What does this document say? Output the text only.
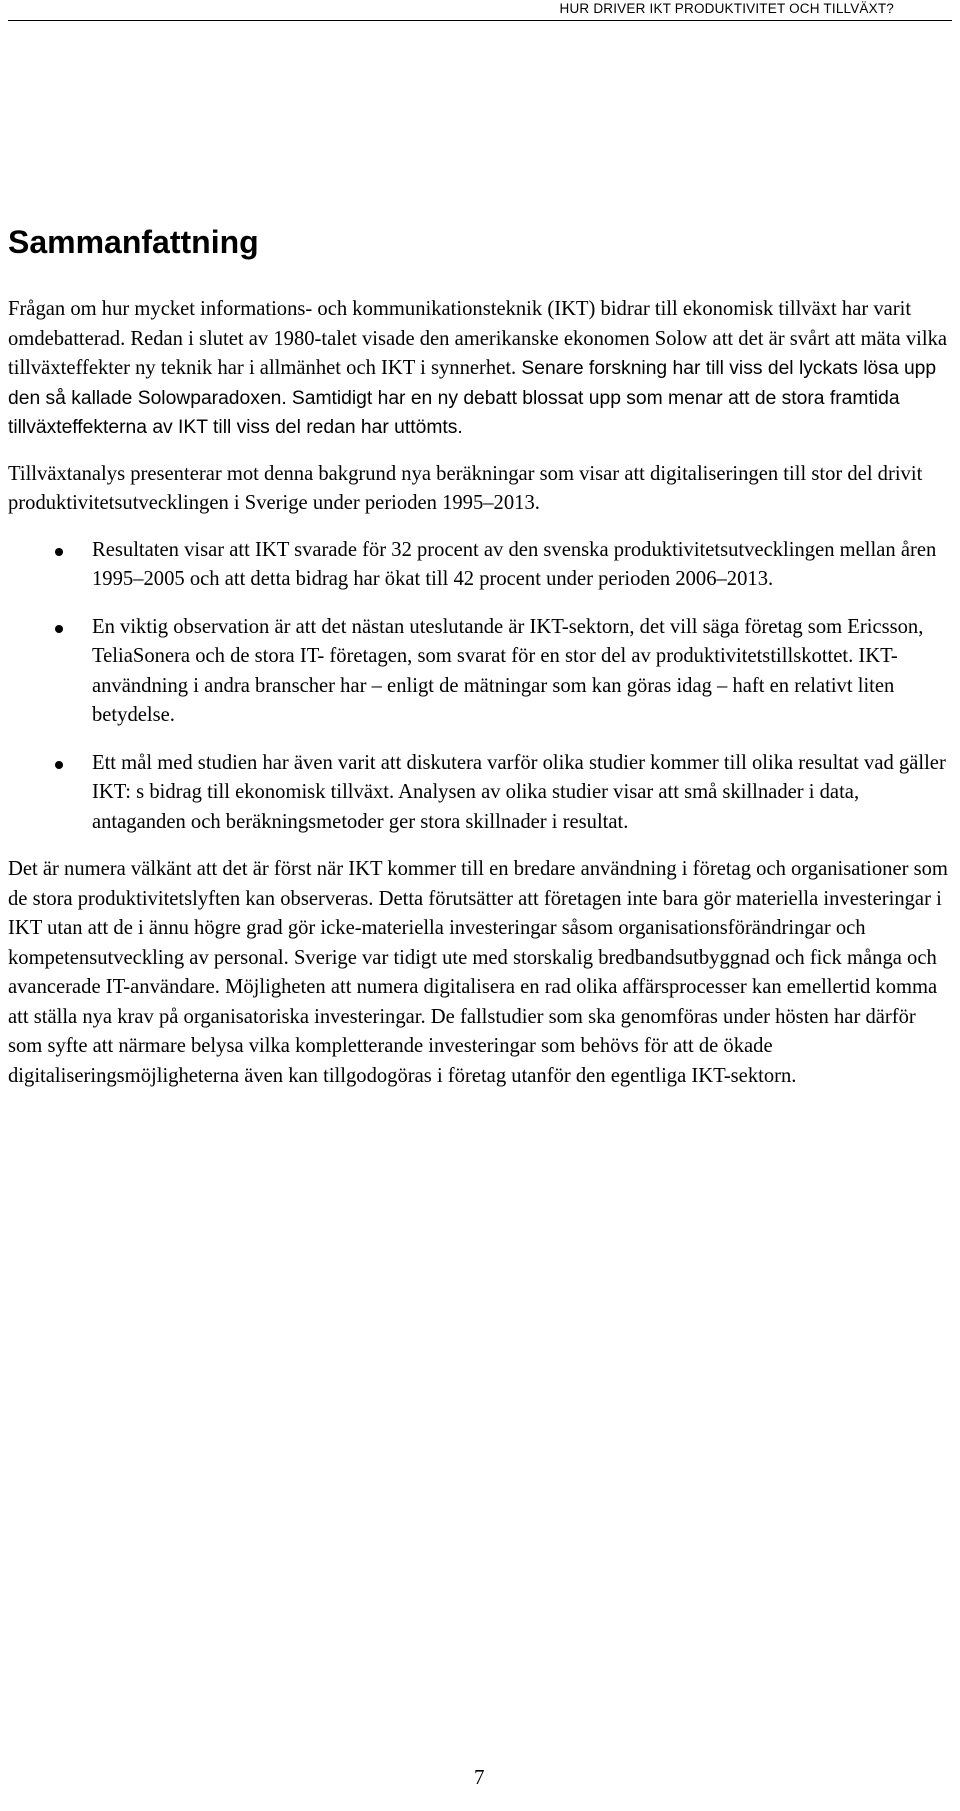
HUR DRIVER IKT PRODUKTIVITET OCH TILLVÄXT?
Sammanfattning

Frågan om hur mycket informations- och kommunikationsteknik (IKT) bidrar till ekonomisk tillväxt har varit omdebatterad. Redan i slutet av 1980-talet visade den amerikanske ekonomen Solow att det är svårt att mäta vilka tillväxteffekter ny teknik har i allmänhet och IKT i synnerhet. Senare forskning har till viss del lyckats lösa upp den så kallade Solowparadoxen. Samtidigt har en ny debatt blossat upp som menar att de stora framtida tillväxteffekterna av IKT till viss del redan har uttömts.

Tillväxtanalys presenterar mot denna bakgrund nya beräkningar som visar att digitaliseringen till stor del drivit produktivitetsutvecklingen i Sverige under perioden 1995–2013.

Resultaten visar att IKT svarade för 32 procent av den svenska produktivitetsutvecklingen mellan åren 1995–2005 och att detta bidrag har ökat till 42 procent under perioden 2006–2013.
En viktig observation är att det nästan uteslutande är IKT-sektorn, det vill säga företag som Ericsson, TeliaSonera och de stora IT- företagen, som svarat för en stor del av produktivitetstillskottet. IKT-användning i andra branscher har – enligt de mätningar som kan göras idag – haft en relativt liten betydelse.
Ett mål med studien har även varit att diskutera varför olika studier kommer till olika resultat vad gäller IKT: s bidrag till ekonomisk tillväxt. Analysen av olika studier visar att små skillnader i data, antaganden och beräkningsmetoder ger stora skillnader i resultat.

Det är numera välkänt att det är först när IKT kommer till en bredare användning i företag och organisationer som de stora produktivitetslyften kan observeras. Detta förutsätter att företagen inte bara gör materiella investeringar i IKT utan att de i ännu högre grad gör icke-materiella investeringar såsom organisationsförändringar och kompetensutveckling av personal. Sverige var tidigt ute med storskalig bredbandsutbyggnad och fick många och avancerade IT-användare. Möjligheten att numera digitalisera en rad olika affärsprocesser kan emellertid komma att ställa nya krav på organisatoriska investeringar. De fallstudier som ska genomföras under hösten har därför som syfte att närmare belysa vilka kompletterande investeringar som behövs för att de ökade digitaliseringsmöjligheterna även kan tillgodogöras i företag utanför den egentliga IKT-sektorn.

7
